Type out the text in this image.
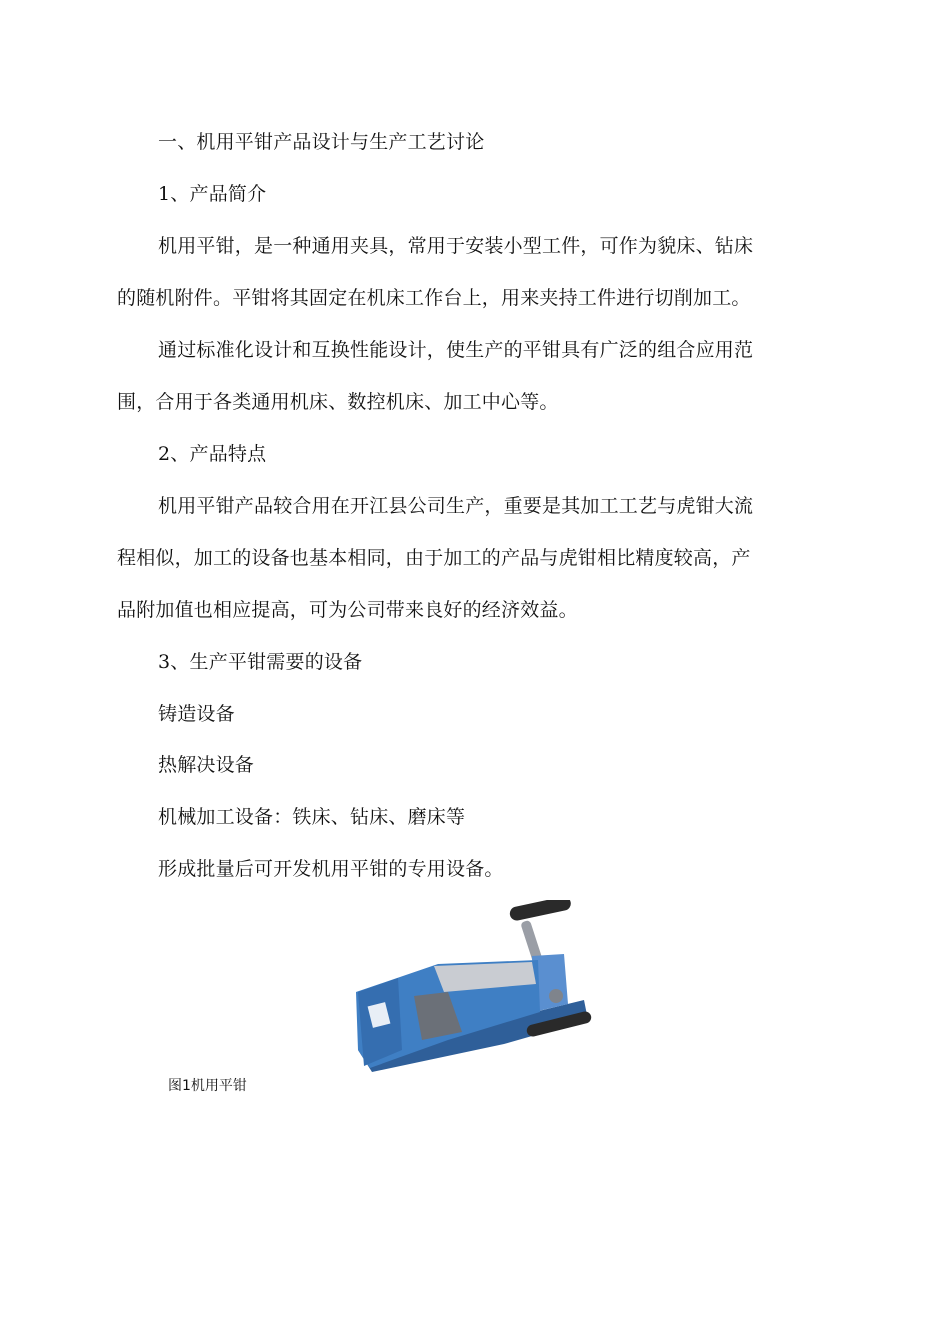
一、机用平钳产品设计与生产工艺讨论
1、产品简介
机用平钳，是一种通用夹具，常用于安装小型工件，可作为貌床、钻床
的随机附件。平钳将其固定在机床工作台上，用来夹持工件进行切削加工。
通过标准化设计和互换性能设计，使生产的平钳具有广泛的组合应用范
围，合用于各类通用机床、数控机床、加工中心等。
2、产品特点
机用平钳产品较合用在开江县公司生产，重要是其加工工艺与虎钳大流
程相似，加工的设备也基本相同，由于加工的产品与虎钳相比精度较高，产
品附加值也相应提高，可为公司带来良好的经济效益。
3、生产平钳需要的设备
铸造设备
热解决设备
机械加工设备：铁床、钻床、磨床等
形成批量后可开发机用平钳的专用设备。
图1机用平钳
